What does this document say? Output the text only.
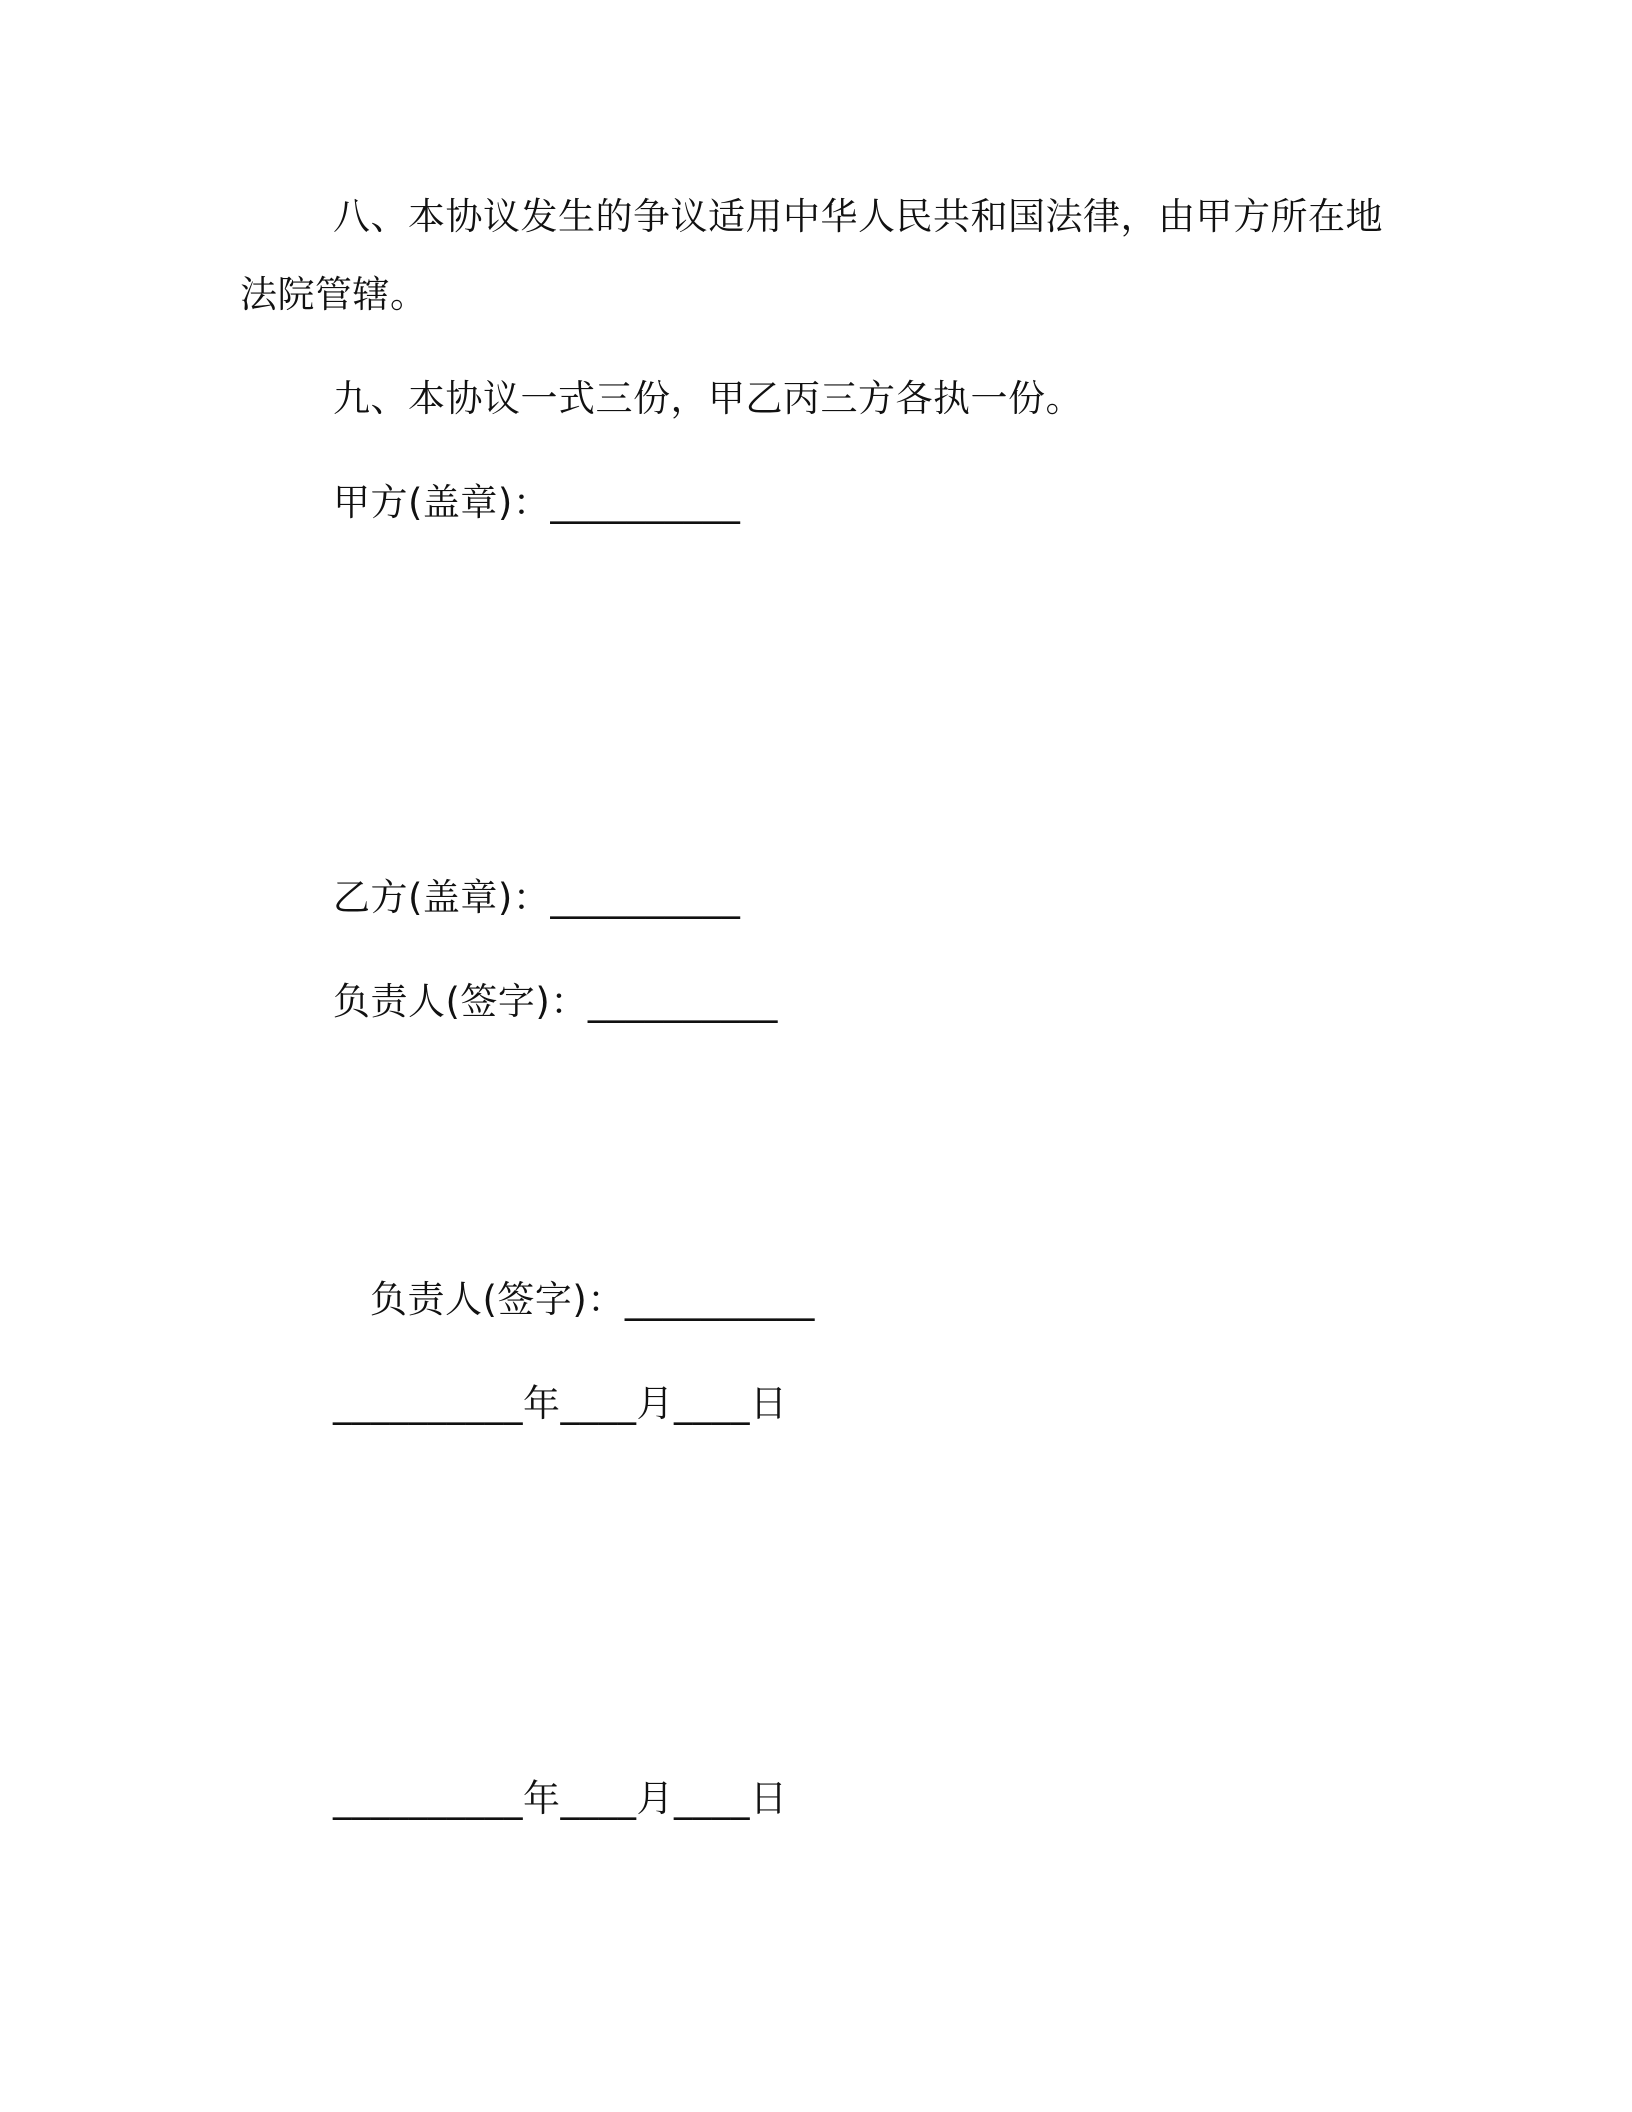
八、本协议发生的争议适用中华人民共和国法律，由甲方所在地
法院管辖。
九、本协议一式三份，甲乙丙三方各执一份。
甲方(盖章)：__________
乙方(盖章)：__________
负责人(签字)：__________
负责人(签字)：__________
__________年____月____日
__________年____月____日
